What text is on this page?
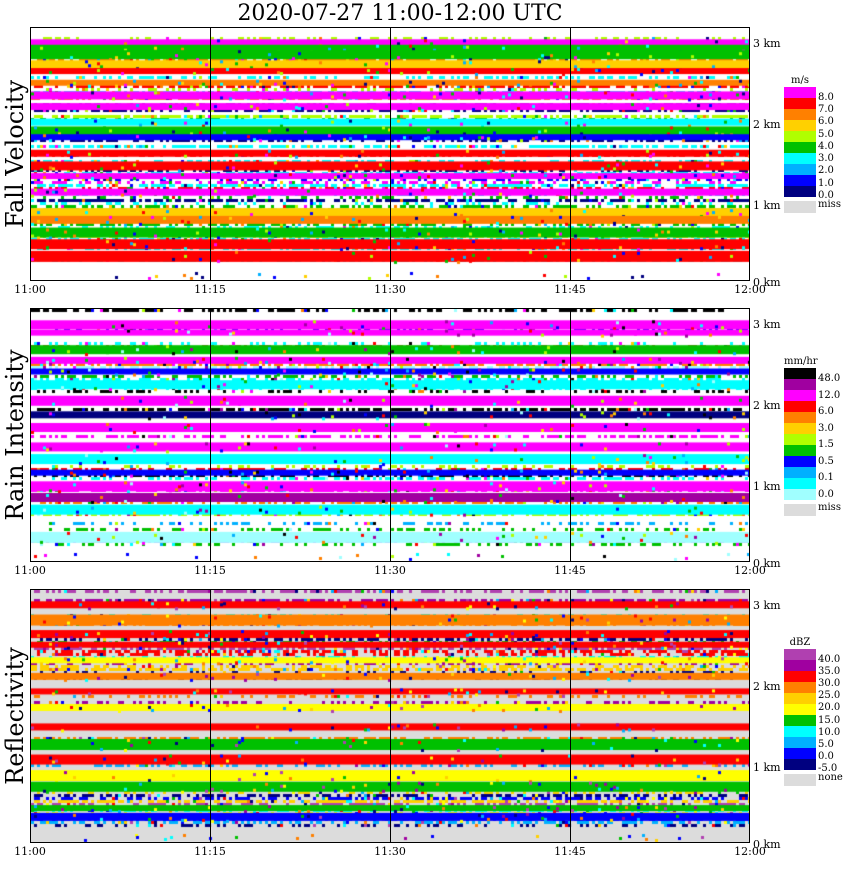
2020-07-27 11:00-12:00 UTC
Fall Velocity
3 km
2 km
1 km
0 km
11:00	11:15	11:30	11:45	12:00
m/s
8.0
7.0
6.0
5.0
4.0
3.0
2.0
1.0
0.0
miss
Rain Intensity
3 km
2 km
1 km
0 km
11:00	11:15	11:30	11:45	12:00
mm/hr
48.0
12.0
6.0
3.0
1.5
0.5
0.1
0.0
miss
Reflectivity
3 km
2 km
1 km
0 km
11:00	11:15	11:30	11:45	12:00
dBZ
40.0
35.0
30.0
25.0
20.0
15.0
10.0
5.0
0.0
-5.0
none
